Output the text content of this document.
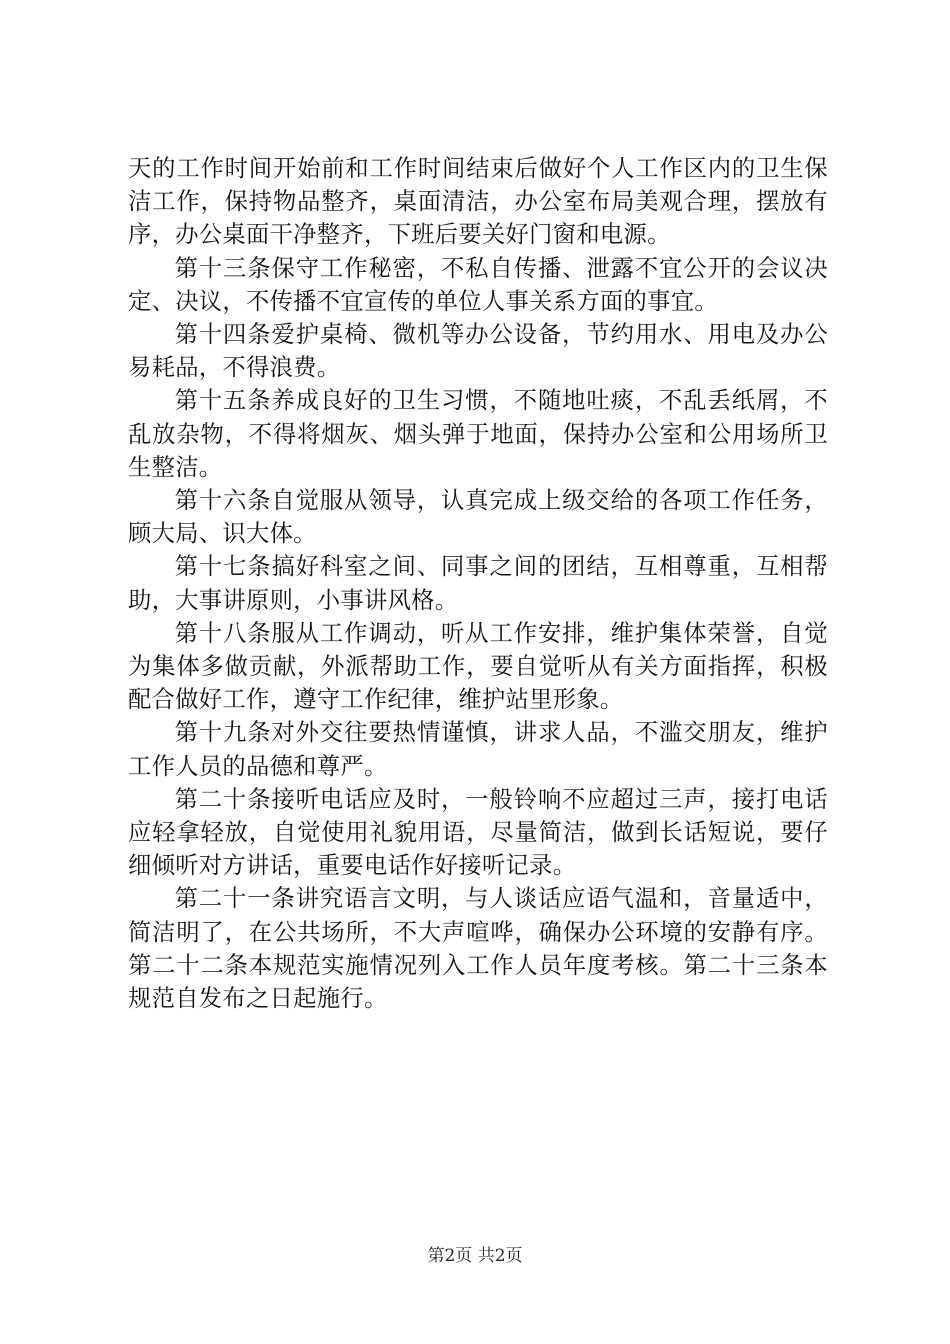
天的工作时间开始前和工作时间结束后做好个人工作区内的卫生保洁工作，保持物品整齐，桌面清洁，办公室布局美观合理，摆放有序，办公桌面干净整齐，下班后要关好门窗和电源。

第十三条保守工作秘密，不私自传播、泄露不宜公开的会议决定、决议，不传播不宜宣传的单位人事关系方面的事宜。

第十四条爱护桌椅、微机等办公设备，节约用水、用电及办公易耗品，不得浪费。

第十五条养成良好的卫生习惯，不随地吐痰，不乱丢纸屑，不乱放杂物，不得将烟灰、烟头弹于地面，保持办公室和公用场所卫生整洁。

第十六条自觉服从领导，认真完成上级交给的各项工作任务，顾大局、识大体。

第十七条搞好科室之间、同事之间的团结，互相尊重，互相帮助，大事讲原则，小事讲风格。

第十八条服从工作调动，听从工作安排，维护集体荣誉，自觉为集体多做贡献，外派帮助工作，要自觉听从有关方面指挥，积极配合做好工作，遵守工作纪律，维护站里形象。

第十九条对外交往要热情谨慎，讲求人品，不滥交朋友，维护工作人员的品德和尊严。

第二十条接听电话应及时，一般铃响不应超过三声，接打电话应轻拿轻放，自觉使用礼貌用语，尽量简洁，做到长话短说，要仔细倾听对方讲话，重要电话作好接听记录。

第二十一条讲究语言文明，与人谈话应语气温和，音量适中，简洁明了，在公共场所，不大声喧哗，确保办公环境的安静有序。第二十二条本规范实施情况列入工作人员年度考核。第二十三条本规范自发布之日起施行。

第2页 共2页
